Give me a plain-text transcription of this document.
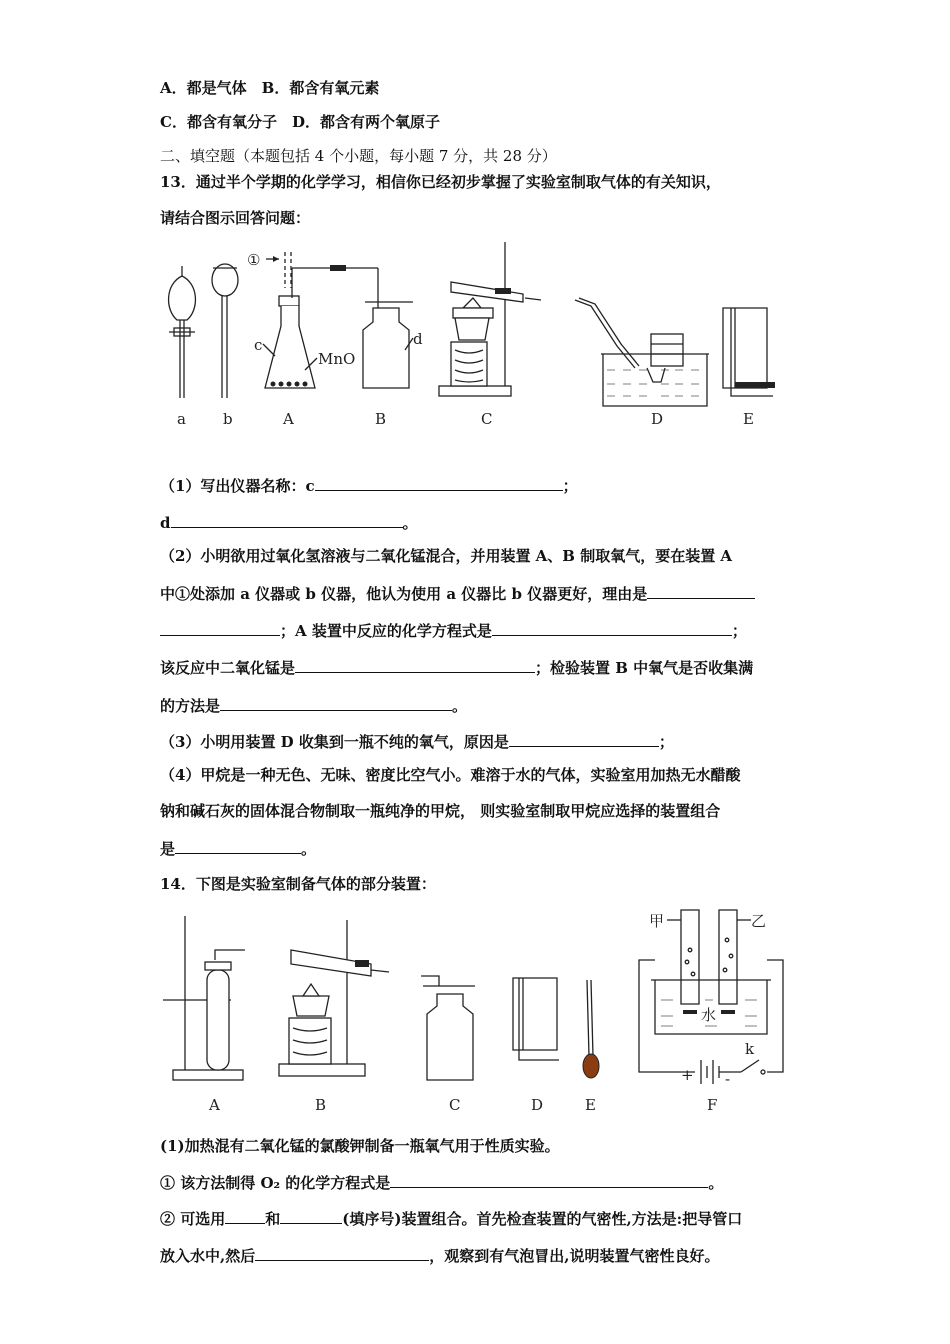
A．都是气体　B．都含有氧元素
C．都含有氧分子　D．都含有两个氧原子
二、填空题（本题包括 4 个小题，每小题 7 分，共 28 分）
13．通过半个学期的化学学习，相信你已经初步掌握了实验室制取气体的有关知识，
请结合图示回答问题：
①
c
MnO
d
a b	A	B	C	D	E
（1）写出仪器名称：c	；
d	。
（2）小明欲用过氧化氢溶液与二氧化锰混合，并用装置 A、B 制取氧气，要在装置 A
中①处添加 a 仪器或 b 仪器，他认为使用 a 仪器比 b 仪器更好，理由是
；A 装置中反应的化学方程式是	；
该反应中二氧化锰是	；检验装置 B 中氧气是否收集满
的方法是	。
（3）小明用装置 D 收集到一瓶不纯的氧气，原因是	；
（4）甲烷是一种无色、无味、密度比空气小。难溶于水的气体，实验室用加热无水醋酸
钠和碱石灰的固体混合物制取一瓶纯净的甲烷， 则实验室制取甲烷应选择的装置组合
是	。
14．下图是实验室制备气体的部分装置：
甲	乙
水
+ -
k
A	B	C	D	E	F
(1)加热混有二氧化锰的氯酸钾制备一瓶氧气用于性质实验。
① 该方法制得 O₂ 的化学方程式是	。
② 可选用	和	(填序号)装置组合。首先检查装置的气密性,方法是:把导管口
放入水中,然后	，观察到有气泡冒出,说明装置气密性良好。
